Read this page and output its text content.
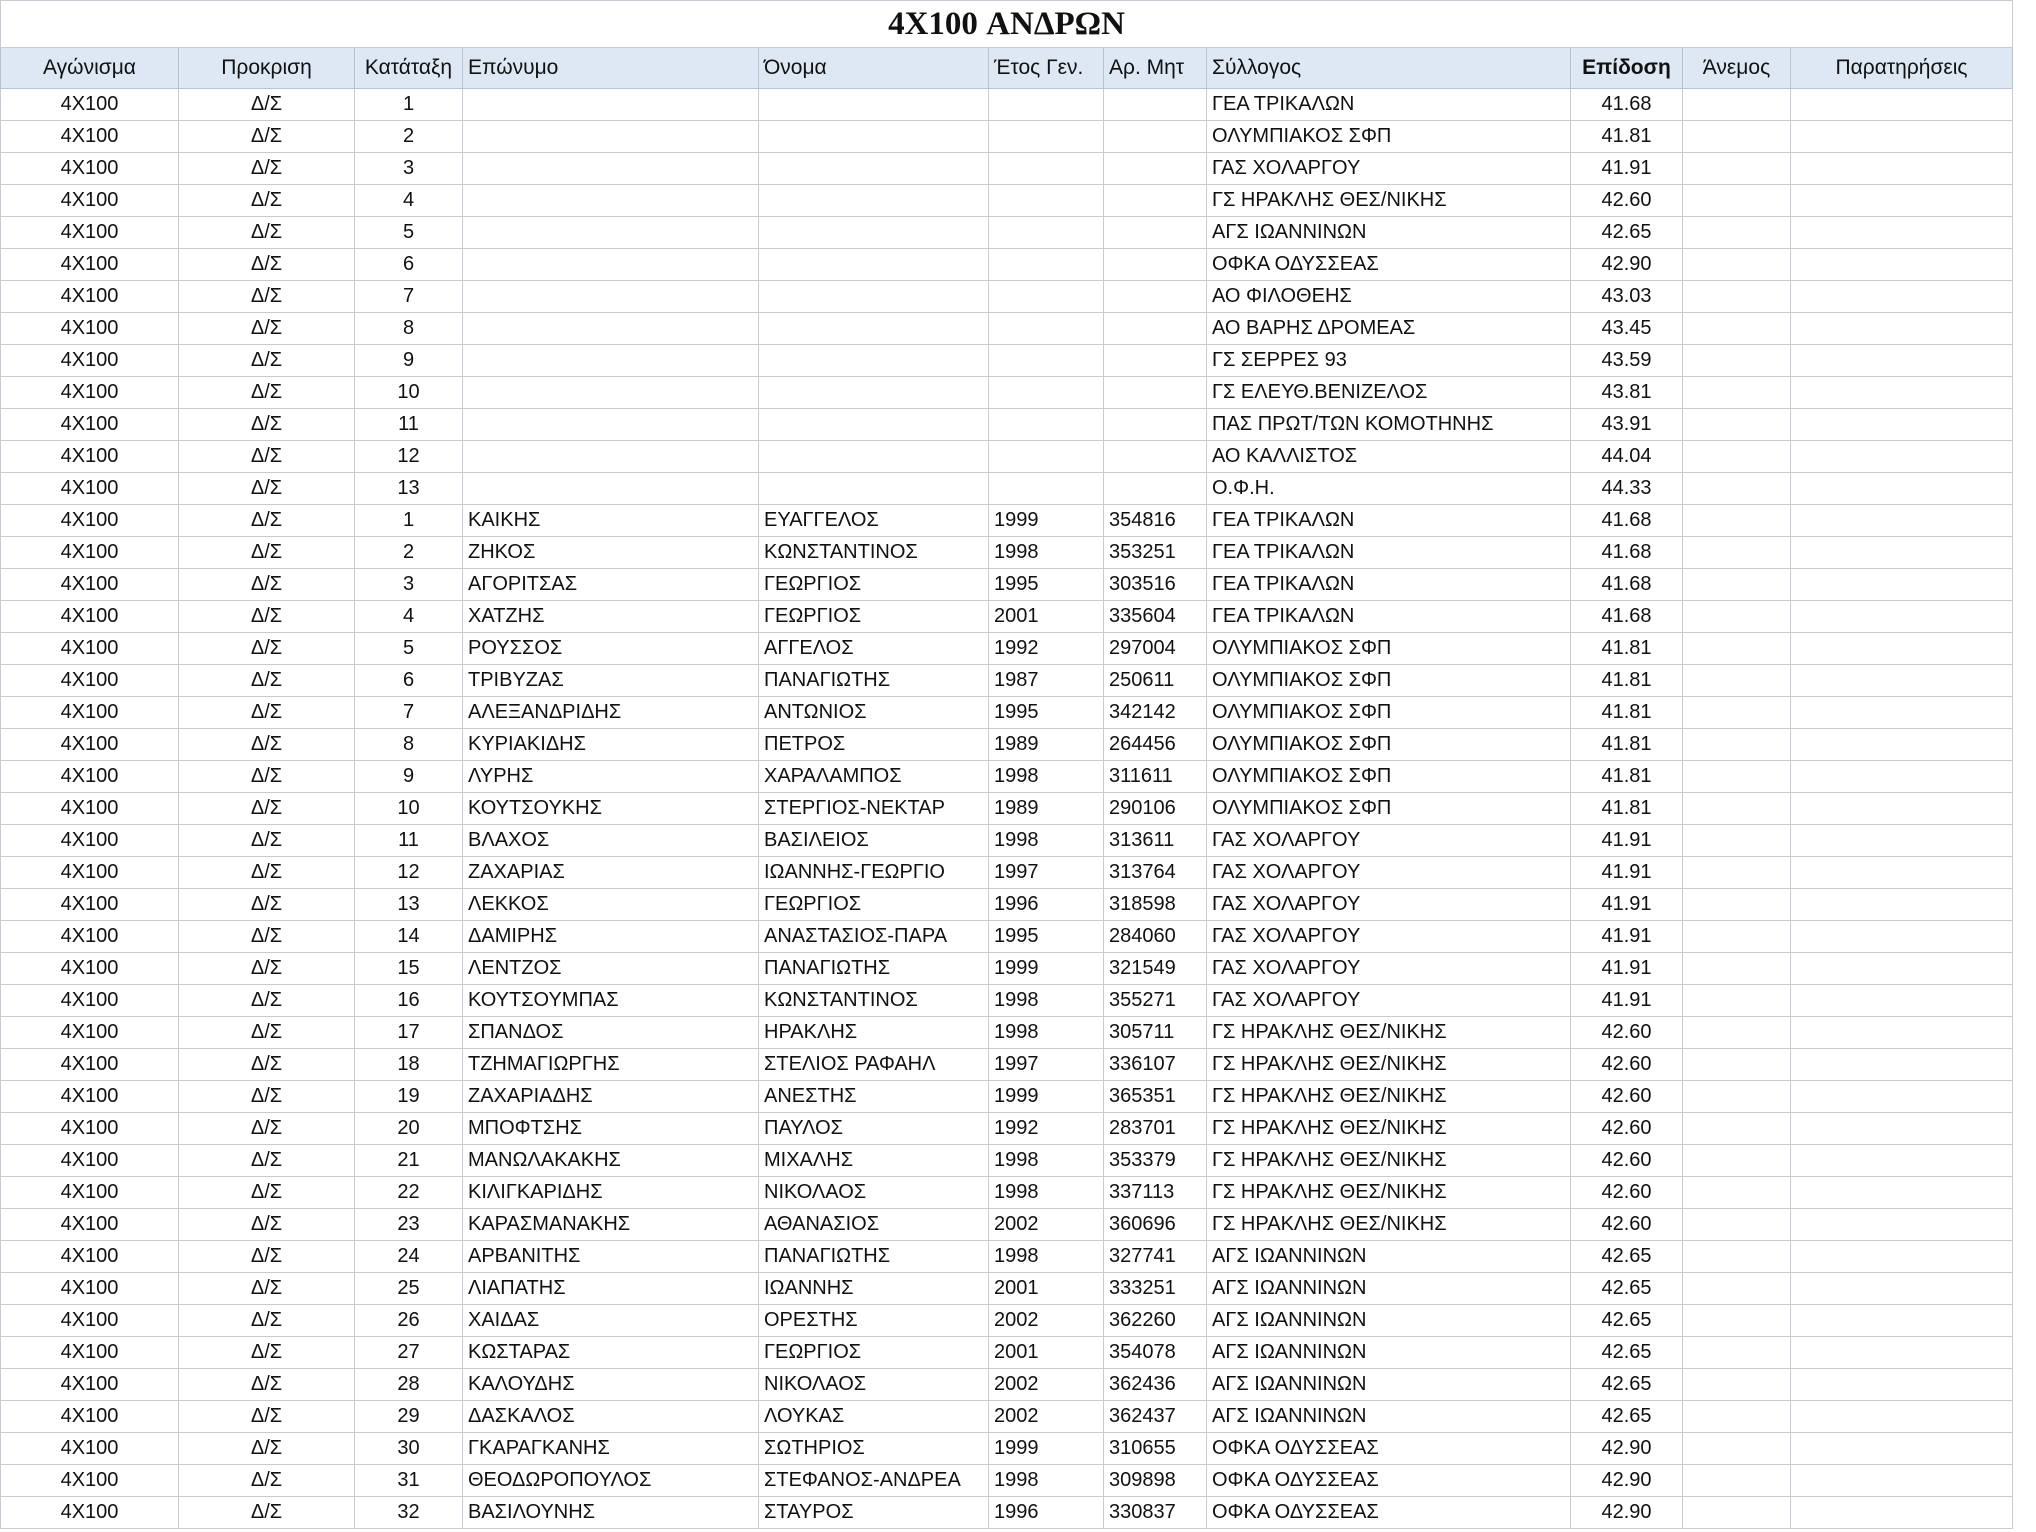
4X100 ΑΝΔΡΩΝ										
Αγώνισμα	Προκριση	Κατάταξη	Επώνυμο	Όνομα	Έτος Γεν.	Αρ. Μητ	Σύλλογος	Επίδοση	Άνεμος	Παρατηρήσεις
4X100	Δ/Σ	1					ΓΕΑ ΤΡΙΚΑΛΩΝ	41.68		
4X100	Δ/Σ	2					ΟΛΥΜΠΙΑΚΟΣ ΣΦΠ	41.81		
4X100	Δ/Σ	3					ΓΑΣ ΧΟΛΑΡΓΟΥ	41.91		
4X100	Δ/Σ	4					ΓΣ ΗΡΑΚΛΗΣ ΘΕΣ/ΝΙΚΗΣ	42.60		
4X100	Δ/Σ	5					ΑΓΣ ΙΩΑΝΝΙΝΩΝ	42.65		
4X100	Δ/Σ	6					ΟΦΚΑ ΟΔΥΣΣΕΑΣ	42.90		
4X100	Δ/Σ	7					ΑΟ ΦΙΛΟΘΕΗΣ	43.03		
4X100	Δ/Σ	8					ΑΟ ΒΑΡΗΣ ΔΡΟΜΕΑΣ	43.45		
4X100	Δ/Σ	9					ΓΣ ΣΕΡΡΕΣ 93	43.59		
4X100	Δ/Σ	10					ΓΣ ΕΛΕΥΘ.ΒΕΝΙΖΕΛΟΣ	43.81		
4X100	Δ/Σ	11					ΠΑΣ ΠΡΩΤ/ΤΩΝ ΚΟΜΟΤΗΝΗΣ	43.91		
4X100	Δ/Σ	12					ΑΟ ΚΑΛΛΙΣΤΟΣ	44.04		
4X100	Δ/Σ	13					Ο.Φ.Η.	44.33		
4X100	Δ/Σ	1	ΚΑΙΚΗΣ	ΕΥΑΓΓΕΛΟΣ	1999	354816	ΓΕΑ ΤΡΙΚΑΛΩΝ	41.68		
4X100	Δ/Σ	2	ΖΗΚΟΣ	ΚΩΝΣΤΑΝΤΙΝΟΣ	1998	353251	ΓΕΑ ΤΡΙΚΑΛΩΝ	41.68		
4X100	Δ/Σ	3	ΑΓΟΡΙΤΣΑΣ	ΓΕΩΡΓΙΟΣ	1995	303516	ΓΕΑ ΤΡΙΚΑΛΩΝ	41.68		
4X100	Δ/Σ	4	ΧΑΤΖΗΣ	ΓΕΩΡΓΙΟΣ	2001	335604	ΓΕΑ ΤΡΙΚΑΛΩΝ	41.68		
4X100	Δ/Σ	5	ΡΟΥΣΣΟΣ	ΑΓΓΕΛΟΣ	1992	297004	ΟΛΥΜΠΙΑΚΟΣ ΣΦΠ	41.81		
4X100	Δ/Σ	6	ΤΡΙΒΥΖΑΣ	ΠΑΝΑΓΙΩΤΗΣ	1987	250611	ΟΛΥΜΠΙΑΚΟΣ ΣΦΠ	41.81		
4X100	Δ/Σ	7	ΑΛΕΞΑΝΔΡΙΔΗΣ	ΑΝΤΩΝΙΟΣ	1995	342142	ΟΛΥΜΠΙΑΚΟΣ ΣΦΠ	41.81		
4X100	Δ/Σ	8	ΚΥΡΙΑΚΙΔΗΣ	ΠΕΤΡΟΣ	1989	264456	ΟΛΥΜΠΙΑΚΟΣ ΣΦΠ	41.81		
4X100	Δ/Σ	9	ΛΥΡΗΣ	ΧΑΡΑΛΑΜΠΟΣ	1998	311611	ΟΛΥΜΠΙΑΚΟΣ ΣΦΠ	41.81		
4X100	Δ/Σ	10	ΚΟΥΤΣΟΥΚΗΣ	ΣΤΕΡΓΙΟΣ-ΝΕΚΤΑΡ	1989	290106	ΟΛΥΜΠΙΑΚΟΣ ΣΦΠ	41.81		
4X100	Δ/Σ	11	ΒΛΑΧΟΣ	ΒΑΣΙΛΕΙΟΣ	1998	313611	ΓΑΣ ΧΟΛΑΡΓΟΥ	41.91		
4X100	Δ/Σ	12	ΖΑΧΑΡΙΑΣ	ΙΩΑΝΝΗΣ-ΓΕΩΡΓΙΟ	1997	313764	ΓΑΣ ΧΟΛΑΡΓΟΥ	41.91		
4X100	Δ/Σ	13	ΛΕΚΚΟΣ	ΓΕΩΡΓΙΟΣ	1996	318598	ΓΑΣ ΧΟΛΑΡΓΟΥ	41.91		
4X100	Δ/Σ	14	ΔΑΜΙΡΗΣ	ΑΝΑΣΤΑΣΙΟΣ-ΠΑΡΑ	1995	284060	ΓΑΣ ΧΟΛΑΡΓΟΥ	41.91		
4X100	Δ/Σ	15	ΛΕΝΤΖΟΣ	ΠΑΝΑΓΙΩΤΗΣ	1999	321549	ΓΑΣ ΧΟΛΑΡΓΟΥ	41.91		
4X100	Δ/Σ	16	ΚΟΥΤΣΟΥΜΠΑΣ	ΚΩΝΣΤΑΝΤΙΝΟΣ	1998	355271	ΓΑΣ ΧΟΛΑΡΓΟΥ	41.91		
4X100	Δ/Σ	17	ΣΠΑΝΔΟΣ	ΗΡΑΚΛΗΣ	1998	305711	ΓΣ ΗΡΑΚΛΗΣ ΘΕΣ/ΝΙΚΗΣ	42.60		
4X100	Δ/Σ	18	ΤΖΗΜΑΓΙΩΡΓΗΣ	ΣΤΕΛΙΟΣ ΡΑΦΑΗΛ	1997	336107	ΓΣ ΗΡΑΚΛΗΣ ΘΕΣ/ΝΙΚΗΣ	42.60		
4X100	Δ/Σ	19	ΖΑΧΑΡΙΑΔΗΣ	ΑΝΕΣΤΗΣ	1999	365351	ΓΣ ΗΡΑΚΛΗΣ ΘΕΣ/ΝΙΚΗΣ	42.60		
4X100	Δ/Σ	20	ΜΠΟΦΤΣΗΣ	ΠΑΥΛΟΣ	1992	283701	ΓΣ ΗΡΑΚΛΗΣ ΘΕΣ/ΝΙΚΗΣ	42.60		
4X100	Δ/Σ	21	ΜΑΝΩΛΑΚΑΚΗΣ	ΜΙΧΑΛΗΣ	1998	353379	ΓΣ ΗΡΑΚΛΗΣ ΘΕΣ/ΝΙΚΗΣ	42.60		
4X100	Δ/Σ	22	ΚΙΛΙΓΚΑΡΙΔΗΣ	ΝΙΚΟΛΑΟΣ	1998	337113	ΓΣ ΗΡΑΚΛΗΣ ΘΕΣ/ΝΙΚΗΣ	42.60		
4X100	Δ/Σ	23	ΚΑΡΑΣΜΑΝΑΚΗΣ	ΑΘΑΝΑΣΙΟΣ	2002	360696	ΓΣ ΗΡΑΚΛΗΣ ΘΕΣ/ΝΙΚΗΣ	42.60		
4X100	Δ/Σ	24	ΑΡΒΑΝΙΤΗΣ	ΠΑΝΑΓΙΩΤΗΣ	1998	327741	ΑΓΣ ΙΩΑΝΝΙΝΩΝ	42.65		
4X100	Δ/Σ	25	ΛΙΑΠΑΤΗΣ	ΙΩΑΝΝΗΣ	2001	333251	ΑΓΣ ΙΩΑΝΝΙΝΩΝ	42.65		
4X100	Δ/Σ	26	ΧΑΙΔΑΣ	ΟΡΕΣΤΗΣ	2002	362260	ΑΓΣ ΙΩΑΝΝΙΝΩΝ	42.65		
4X100	Δ/Σ	27	ΚΩΣΤΑΡΑΣ	ΓΕΩΡΓΙΟΣ	2001	354078	ΑΓΣ ΙΩΑΝΝΙΝΩΝ	42.65		
4X100	Δ/Σ	28	ΚΑΛΟΥΔΗΣ	ΝΙΚΟΛΑΟΣ	2002	362436	ΑΓΣ ΙΩΑΝΝΙΝΩΝ	42.65		
4X100	Δ/Σ	29	ΔΑΣΚΑΛΟΣ	ΛΟΥΚΑΣ	2002	362437	ΑΓΣ ΙΩΑΝΝΙΝΩΝ	42.65		
4X100	Δ/Σ	30	ΓΚΑΡΑΓΚΑΝΗΣ	ΣΩΤΗΡΙΟΣ	1999	310655	ΟΦΚΑ ΟΔΥΣΣΕΑΣ	42.90		
4X100	Δ/Σ	31	ΘΕΟΔΩΡΟΠΟΥΛΟΣ	ΣΤΕΦΑΝΟΣ-ΑΝΔΡΕΑ	1998	309898	ΟΦΚΑ ΟΔΥΣΣΕΑΣ	42.90		
4X100	Δ/Σ	32	ΒΑΣΙΛΟΥΝΗΣ	ΣΤΑΥΡΟΣ	1996	330837	ΟΦΚΑ ΟΔΥΣΣΕΑΣ	42.90		
